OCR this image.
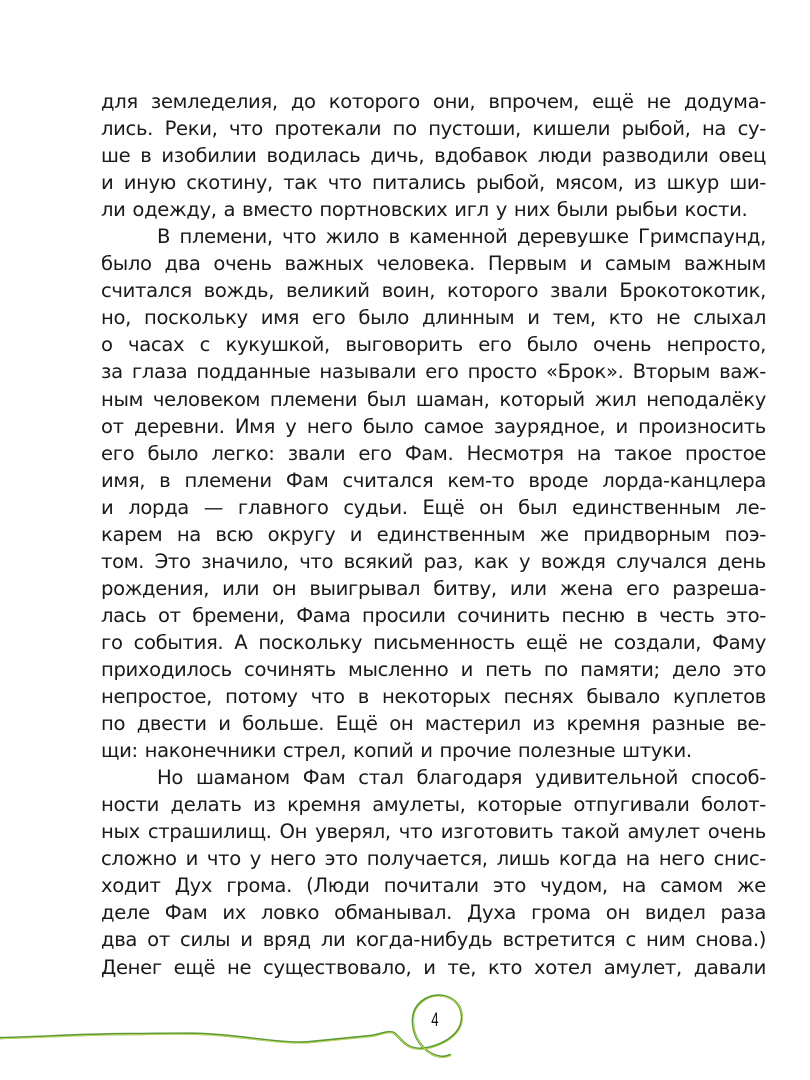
для земледелия, до которого они, впрочем, ещё не додума-
лись. Реки, что протекали по пустоши, кишели рыбой, на су-
ше в изобилии водилась дичь, вдобавок люди разводили овец
и иную скотину, так что питались рыбой, мясом, из шкур ши-
ли одежду, а вместо портновских игл у них были рыбьи кости.
В племени, что жило в каменной деревушке Гримспаунд,
было два очень важных человека. Первым и самым важным
считался вождь, великий воин, которого звали Брокотокотик,
но, поскольку имя его было длинным и тем, кто не слыхал
о часах с кукушкой, выговорить его было очень непросто,
за глаза подданные называли его просто «Брок». Вторым важ-
ным человеком племени был шаман, который жил неподалёку
от деревни. Имя у него было самое заурядное, и произносить
его было легко: звали его Фам. Несмотря на такое простое
имя, в племени Фам считался кем-то вроде лорда-канцлера
и лорда — главного судьи. Ещё он был единственным ле-
карем на всю округу и единственным же придворным поэ-
том. Это значило, что всякий раз, как у вождя случался день
рождения, или он выигрывал битву, или жена его разреша-
лась от бремени, Фама просили сочинить песню в честь это-
го события. А поскольку письменность ещё не создали, Фаму
приходилось сочинять мысленно и петь по памяти; дело это
непростое, потому что в некоторых песнях бывало куплетов
по двести и больше. Ещё он мастерил из кремня разные ве-
щи: наконечники стрел, копий и прочие полезные штуки.
Но шаманом Фам стал благодаря удивительной способ-
ности делать из кремня амулеты, которые отпугивали болот-
ных страшилищ. Он уверял, что изготовить такой амулет очень
сложно и что у него это получается, лишь когда на него снис-
ходит Дух грома. (Люди почитали это чудом, на самом же
деле Фам их ловко обманывал. Духа грома он видел раза
два от силы и вряд ли когда-нибудь встретится с ним снова.)
Денег ещё не существовало, и те, кто хотел амулет, давали
4
